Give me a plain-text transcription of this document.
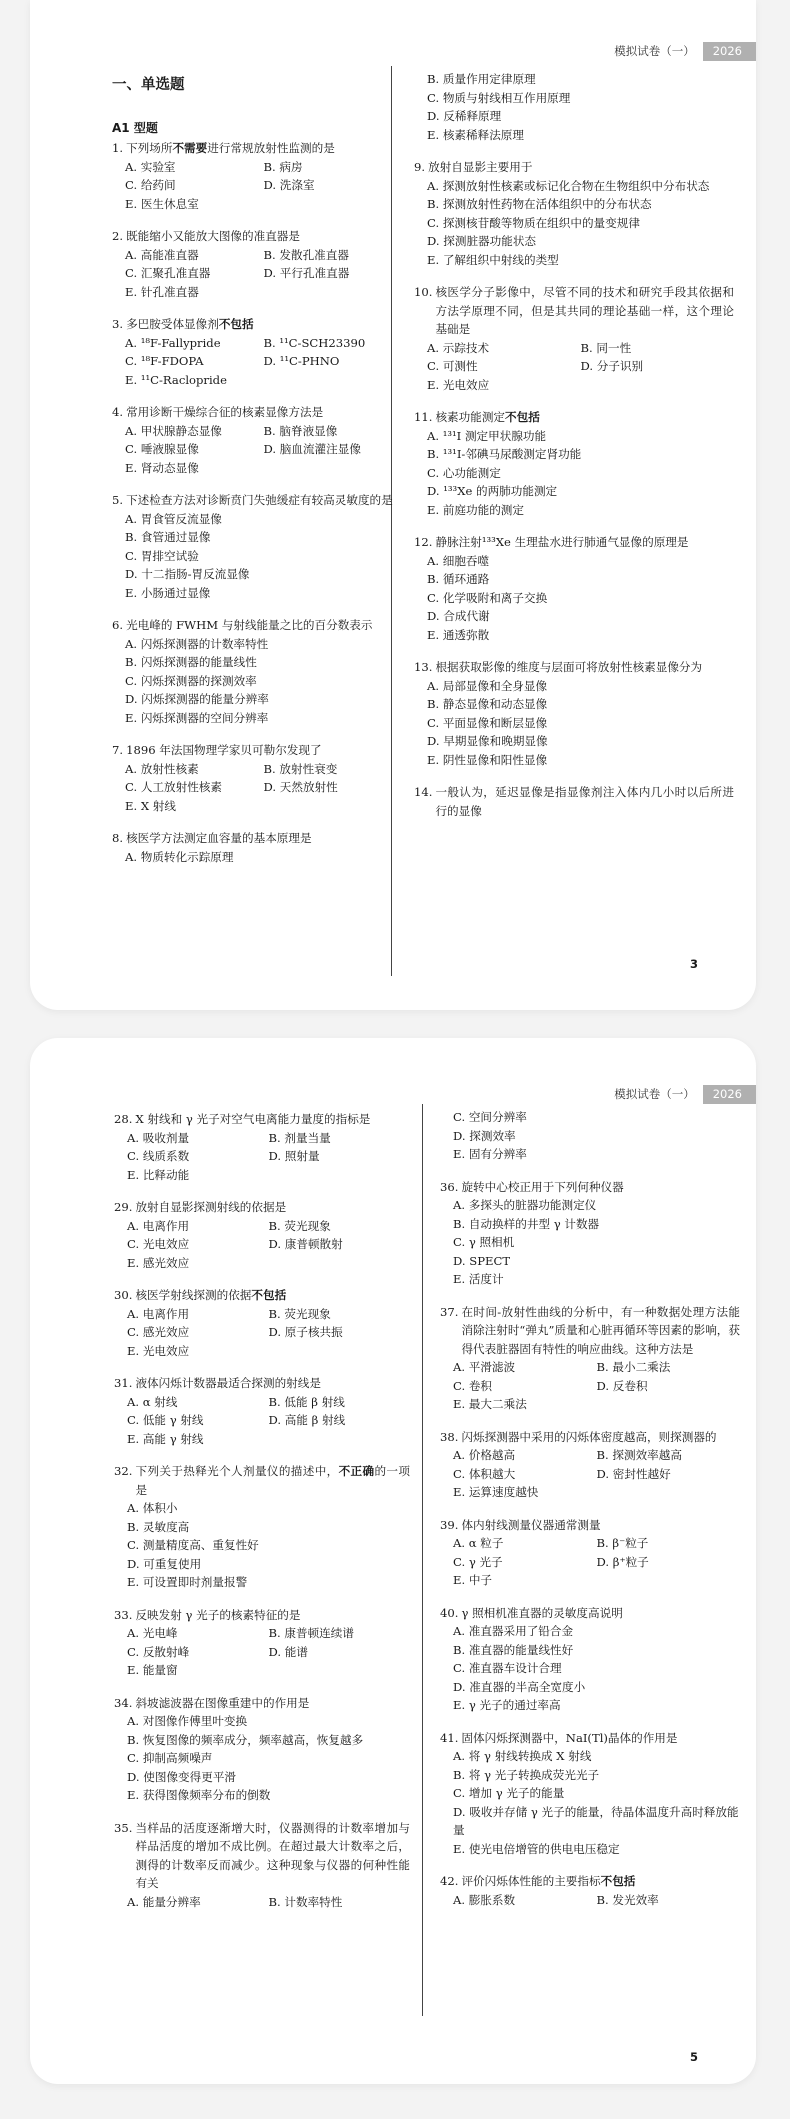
模拟试卷（一）	2026
一、单选题
A1 型题
1. 下列场所不需要进行常规放射性监测的是
A. 实验室	B. 病房
C. 给药间	D. 洗涤室
E. 医生休息室
2. 既能缩小又能放大图像的准直器是
A. 高能准直器	B. 发散孔准直器
C. 汇聚孔准直器	D. 平行孔准直器
E. 针孔准直器
3. 多巴胺受体显像剂不包括
A. ¹⁸F-Fallypride	B. ¹¹C-SCH23390
C. ¹⁸F-FDOPA	D. ¹¹C-PHNO
E. ¹¹C-Raclopride
4. 常用诊断干燥综合征的核素显像方法是
A. 甲状腺静态显像	B. 脑脊液显像
C. 唾液腺显像	D. 脑血流灌注显像
E. 肾动态显像
5. 下述检查方法对诊断贲门失弛缓症有较高灵敏度的是
A. 胃食管反流显像
B. 食管通过显像
C. 胃排空试验
D. 十二指肠-胃反流显像
E. 小肠通过显像
6. 光电峰的 FWHM 与射线能量之比的百分数表示
A. 闪烁探测器的计数率特性
B. 闪烁探测器的能量线性
C. 闪烁探测器的探测效率
D. 闪烁探测器的能量分辨率
E. 闪烁探测器的空间分辨率
7. 1896 年法国物理学家贝可勒尔发现了
A. 放射性核素	B. 放射性衰变
C. 人工放射性核素	D. 天然放射性
E. X 射线
8. 核医学方法测定血容量的基本原理是
A. 物质转化示踪原理
B. 质量作用定律原理
C. 物质与射线相互作用原理
D. 反稀释原理
E. 核素稀释法原理
9. 放射自显影主要用于
A. 探测放射性核素或标记化合物在生物组织中分布状态
B. 探测放射性药物在活体组织中的分布状态
C. 探测核苷酸等物质在组织中的量变规律
D. 探测脏器功能状态
E. 了解组织中射线的类型
10. 核医学分子影像中，尽管不同的技术和研究手段其依据和方法学原理不同，但是其共同的理论基础一样，这个理论基础是
A. 示踪技术	B. 同一性
C. 可测性	D. 分子识别
E. 光电效应
11. 核素功能测定不包括
A. ¹³¹I 测定甲状腺功能
B. ¹³¹I-邻碘马尿酸测定肾功能
C. 心功能测定
D. ¹³³Xe 的两肺功能测定
E. 前庭功能的测定
12. 静脉注射¹³³Xe 生理盐水进行肺通气显像的原理是
A. 细胞吞噬
B. 循环通路
C. 化学吸附和离子交换
D. 合成代谢
E. 通透弥散
13. 根据获取影像的维度与层面可将放射性核素显像分为
A. 局部显像和全身显像
B. 静态显像和动态显像
C. 平面显像和断层显像
D. 早期显像和晚期显像
E. 阴性显像和阳性显像
14. 一般认为，延迟显像是指显像剂注入体内几小时以后所进行的显像
3
模拟试卷（一）	2026
28. X 射线和 γ 光子对空气电离能力量度的指标是
A. 吸收剂量	B. 剂量当量
C. 线质系数	D. 照射量
E. 比释动能
29. 放射自显影探测射线的依据是
A. 电离作用	B. 荧光现象
C. 光电效应	D. 康普顿散射
E. 感光效应
30. 核医学射线探测的依据不包括
A. 电离作用	B. 荧光现象
C. 感光效应	D. 原子核共振
E. 光电效应
31. 液体闪烁计数器最适合探测的射线是
A. α 射线	B. 低能 β 射线
C. 低能 γ 射线	D. 高能 β 射线
E. 高能 γ 射线
32. 下列关于热释光个人剂量仪的描述中，不正确的一项是
A. 体积小
B. 灵敏度高
C. 测量精度高、重复性好
D. 可重复使用
E. 可设置即时剂量报警
33. 反映发射 γ 光子的核素特征的是
A. 光电峰	B. 康普顿连续谱
C. 反散射峰	D. 能谱
E. 能量窗
34. 斜坡滤波器在图像重建中的作用是
A. 对图像作傅里叶变换
B. 恢复图像的频率成分，频率越高，恢复越多
C. 抑制高频噪声
D. 使图像变得更平滑
E. 获得图像频率分布的倒数
35. 当样品的活度逐渐增大时，仪器测得的计数率增加与样品活度的增加不成比例。在超过最大计数率之后，测得的计数率反而减少。这种现象与仪器的何种性能有关
A. 能量分辨率	B. 计数率特性
C. 空间分辨率
D. 探测效率
E. 固有分辨率
36. 旋转中心校正用于下列何种仪器
A. 多探头的脏器功能测定仪
B. 自动换样的井型 γ 计数器
C. γ 照相机
D. SPECT
E. 活度计
37. 在时间-放射性曲线的分析中，有一种数据处理方法能消除注射时“弹丸”质量和心脏再循环等因素的影响，获得代表脏器固有特性的响应曲线。这种方法是
A. 平滑滤波	B. 最小二乘法
C. 卷积	D. 反卷积
E. 最大二乘法
38. 闪烁探测器中采用的闪烁体密度越高，则探测器的
A. 价格越高	B. 探测效率越高
C. 体积越大	D. 密封性越好
E. 运算速度越快
39. 体内射线测量仪器通常测量
A. α 粒子	B. β⁻粒子
C. γ 光子	D. β⁺粒子
E. 中子
40. γ 照相机准直器的灵敏度高说明
A. 准直器采用了铅合金
B. 准直器的能量线性好
C. 准直器车设计合理
D. 准直器的半高全宽度小
E. γ 光子的通过率高
41. 固体闪烁探测器中，NaI(Tl)晶体的作用是
A. 将 γ 射线转换成 X 射线
B. 将 γ 光子转换成荧光光子
C. 增加 γ 光子的能量
D. 吸收并存储 γ 光子的能量，待晶体温度升高时释放能量
E. 使光电倍增管的供电电压稳定
42. 评价闪烁体性能的主要指标不包括
A. 膨胀系数	B. 发光效率
5
